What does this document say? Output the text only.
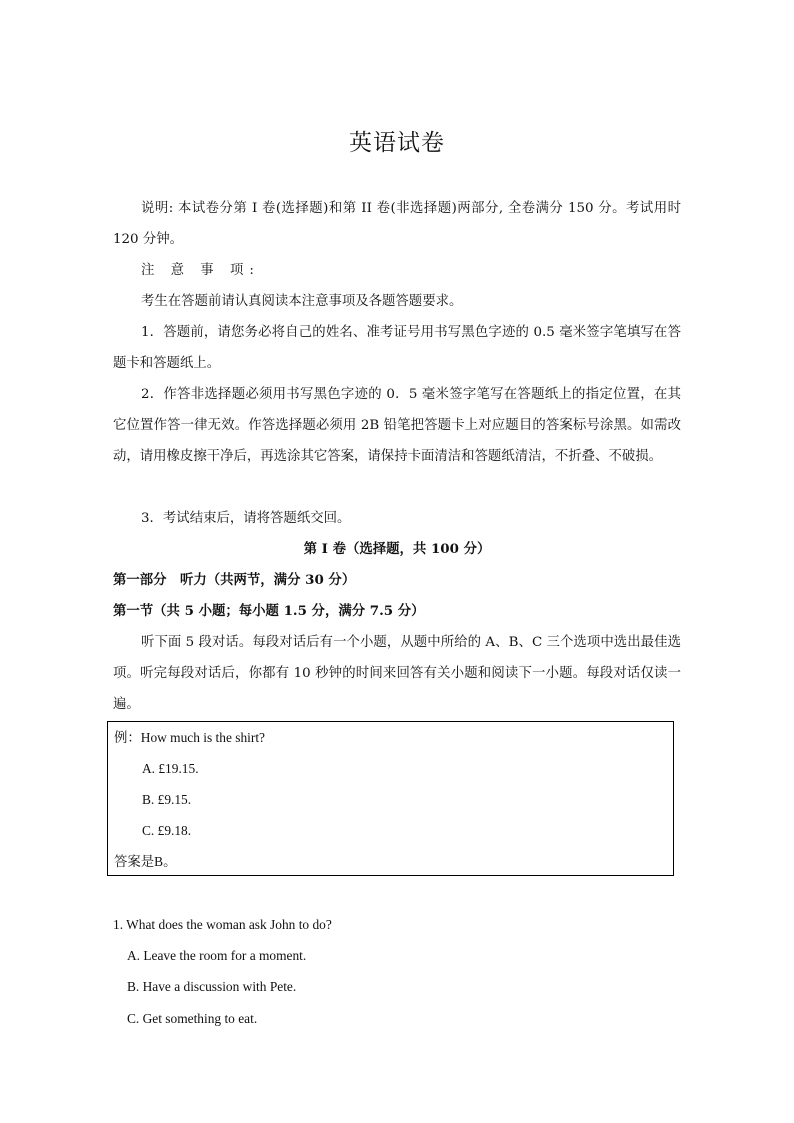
英语试卷
说明: 本试卷分第 I 卷(选择题)和第 II 卷(非选择题)两部分, 全卷满分 150 分。考试用时 120 分钟。
注 意 事 项:
考生在答题前请认真阅读本注意事项及各题答题要求。
1．答题前，请您务必将自己的姓名、准考证号用书写黑色字迹的 0.5 毫米签字笔填写在答题卡和答题纸上。
2．作答非选择题必须用书写黑色字迹的 0．5 毫米签字笔写在答题纸上的指定位置，在其它位置作答一律无效。作答选择题必须用 2B 铅笔把答题卡上对应题目的答案标号涂黑。如需改动，请用橡皮擦干净后，再选涂其它答案，请保持卡面清洁和答题纸清洁，不折叠、不破损。
3．考试结束后，请将答题纸交回。
第 I 卷（选择题，共 100 分）
第一部分　听力（共两节，满分 30 分）
第一节（共 5 小题；每小题 1.5 分，满分 7.5 分）
听下面 5 段对话。每段对话后有一个小题，从题中所给的 A、B、C 三个选项中选出最佳选项。听完每段对话后，你都有 10 秒钟的时间来回答有关小题和阅读下一小题。每段对话仅读一遍。
例：How much is the shirt?
A. £19.15.
B. £9.15.
C. £9.18.
答案是B。
1. What does the woman ask John to do?
A. Leave the room for a moment.
B. Have a discussion with Pete.
C. Get something to eat.
